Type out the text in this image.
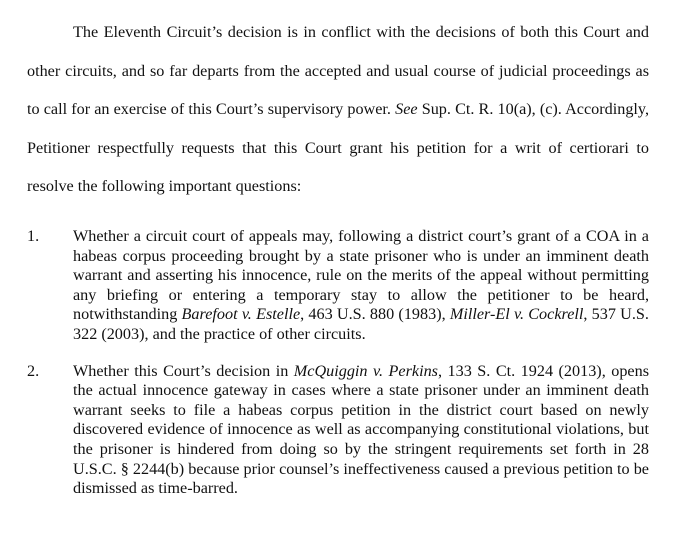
The Eleventh Circuit’s decision is in conflict with the decisions of both this Court and other circuits, and so far departs from the accepted and usual course of judicial proceedings as to call for an exercise of this Court’s supervisory power. See Sup. Ct. R. 10(a), (c). Accordingly, Petitioner respectfully requests that this Court grant his petition for a writ of certiorari to resolve the following important questions:

1. Whether a circuit court of appeals may, following a district court’s grant of a COA in a habeas corpus proceeding brought by a state prisoner who is under an imminent death warrant and asserting his innocence, rule on the merits of the appeal without permitting any briefing or entering a temporary stay to allow the petitioner to be heard, notwithstanding Barefoot v. Estelle, 463 U.S. 880 (1983), Miller-El v. Cockrell, 537 U.S. 322 (2003), and the practice of other circuits.

2. Whether this Court’s decision in McQuiggin v. Perkins, 133 S. Ct. 1924 (2013), opens the actual innocence gateway in cases where a state prisoner under an imminent death warrant seeks to file a habeas corpus petition in the district court based on newly discovered evidence of innocence as well as accompanying constitutional violations, but the prisoner is hindered from doing so by the stringent requirements set forth in 28 U.S.C. § 2244(b) because prior counsel’s ineffectiveness caused a previous petition to be dismissed as time-barred.
